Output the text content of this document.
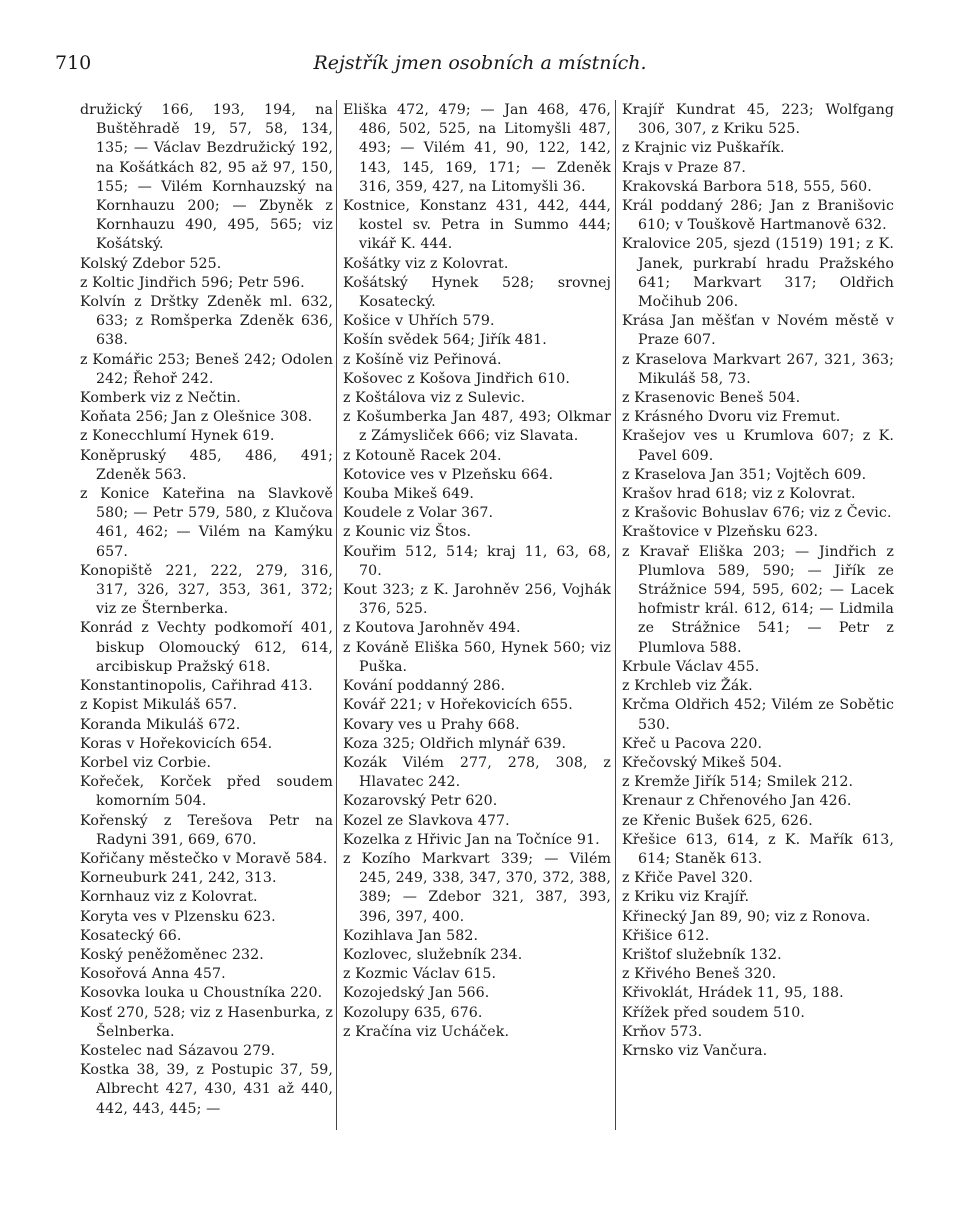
710	Rejstřík jmen osobních a místních.
družický 166, 193, 194, na Buštěhradě 19, 57, 58, 134, 135; — Václav Bezdružický 192, na Košátkách 82, 95 až 97, 150, 155; — Vilém Kornhauzský na Kornhauzu 200; — Zbyněk z Kornhauzu 490, 495, 565; viz Košátský.
Kolský Zdebor 525.
z Koltic Jindřich 596; Petr 596.
Kolvín z Drštky Zdeněk ml. 632, 633; z Romšperka Zdeněk 636, 638.
z Komářic 253; Beneš 242; Odolen 242; Řehoř 242.
Komberk viz z Nečtin.
Koňata 256; Jan z Olešnice 308.
z Konecchlumí Hynek 619.
Koněpruský 485, 486, 491; Zdeněk 563.
z Konice Kateřina na Slavkově 580; — Petr 579, 580, z Klučova 461, 462; — Vilém na Kamýku 657.
Konopiště 221, 222, 279, 316, 317, 326, 327, 353, 361, 372; viz ze Šternberka.
Konrád z Vechty podkomoří 401, biskup Olomoucký 612, 614, arcibiskup Pražský 618.
Konstantinopolis, Cařihrad 413.
z Kopist Mikuláš 657.
Koranda Mikuláš 672.
Koras v Hořekovicích 654.
Korbel viz Corbie.
Kořeček, Korček před soudem komorním 504.
Kořenský z Terešova Petr na Radyni 391, 669, 670.
Kořičany městečko v Moravě 584.
Korneuburk 241, 242, 313.
Kornhauz viz z Kolovrat.
Koryta ves v Plzensku 623.
Kosatecký 66.
Koský peněžoměnec 232.
Kosořová Anna 457.
Kosovka louka u Choustníka 220.
Kosť 270, 528; viz z Hasenburka, z Šelnberka.
Kostelec nad Sázavou 279.
Kostka 38, 39, z Postupic 37, 59, Albrecht 427, 430, 431 až 440, 442, 443, 445; —
Eliška 472, 479; — Jan 468, 476, 486, 502, 525, na Litomyšli 487, 493; — Vilém 41, 90, 122, 142, 143, 145, 169, 171; — Zdeněk 316, 359, 427, na Litomyšli 36.
Kostnice, Konstanz 431, 442, 444, kostel sv. Petra in Summo 444; vikář K. 444.
Košátky viz z Kolovrat.
Košátský Hynek 528; srovnej Kosatecký.
Košice v Uhřích 579.
Košín svědek 564; Jiřík 481.
z Košíně viz Peřinová.
Košovec z Košova Jindřich 610.
z Koštálova viz z Sulevic.
z Košumberka Jan 487, 493; Olkmar z Zámysliček 666; viz Slavata.
z Kotouně Racek 204.
Kotovice ves v Plzeňsku 664.
Kouba Mikeš 649.
Koudele z Volar 367.
z Kounic viz Štos.
Kouřim 512, 514; kraj 11, 63, 68, 70.
Kout 323; z K. Jarohněv 256, Vojhák 376, 525.
z Koutova Jarohněv 494.
z Kováně Eliška 560, Hynek 560; viz Puška.
Kování poddanný 286.
Kovář 221; v Hořekovicích 655.
Kovary ves u Prahy 668.
Koza 325; Oldřich mlynář 639.
Kozák Vilém 277, 278, 308, z Hlavatec 242.
Kozarovský Petr 620.
Kozel ze Slavkova 477.
Kozelka z Hřivic Jan na Točníce 91.
z Kozího Markvart 339; — Vilém 245, 249, 338, 347, 370, 372, 388, 389; — Zdebor 321, 387, 393, 396, 397, 400.
Kozihlava Jan 582.
Kozlovec, služebník 234.
z Kozmic Václav 615.
Kozojedský Jan 566.
Kozolupy 635, 676.
z Kračína viz Ucháček.
Krajíř Kundrat 45, 223; Wolfgang 306, 307, z Kriku 525.
z Krajnic viz Puškařík.
Krajs v Praze 87.
Krakovská Barbora 518, 555, 560.
Král poddaný 286; Jan z Branišovic 610; v Touškově Hartmanově 632.
Kralovice 205, sjezd (1519) 191; z K. Janek, purkrabí hradu Pražského 641; Markvart 317; Oldřich Močihub 206.
Krása Jan měšťan v Novém městě v Praze 607.
z Kraselova Markvart 267, 321, 363; Mikuláš 58, 73.
z Krasenovic Beneš 504.
z Krásného Dvoru viz Fremut.
Krašejov ves u Krumlova 607; z K. Pavel 609.
z Kraselova Jan 351; Vojtěch 609.
Krašov hrad 618; viz z Kolovrat.
z Krašovic Bohuslav 676; viz z Čevic.
Kraštovice v Plzeňsku 623.
z Kravař Eliška 203; — Jindřich z Plumlova 589, 590; — Jiřík ze Strážnice 594, 595, 602; — Lacek hofmistr král. 612, 614; — Lidmila ze Strážnice 541; — Petr z Plumlova 588.
Krbule Václav 455.
z Krchleb viz Žák.
Krčma Oldřich 452; Vilém ze Sobětic 530.
Křeč u Pacova 220.
Křečovský Mikeš 504.
z Kremže Jiřík 514; Smilek 212.
Krenaur z Chřenového Jan 426.
ze Křenic Bušek 625, 626.
Křešice 613, 614, z K. Mařík 613, 614; Staněk 613.
z Křiče Pavel 320.
z Kriku viz Krajíř.
Křinecký Jan 89, 90; viz z Ronova.
Křišice 612.
Krištof služebník 132.
z Křivého Beneš 320.
Křivoklát, Hrádek 11, 95, 188.
Křížek před soudem 510.
Krňov 573.
Krnsko viz Vančura.
